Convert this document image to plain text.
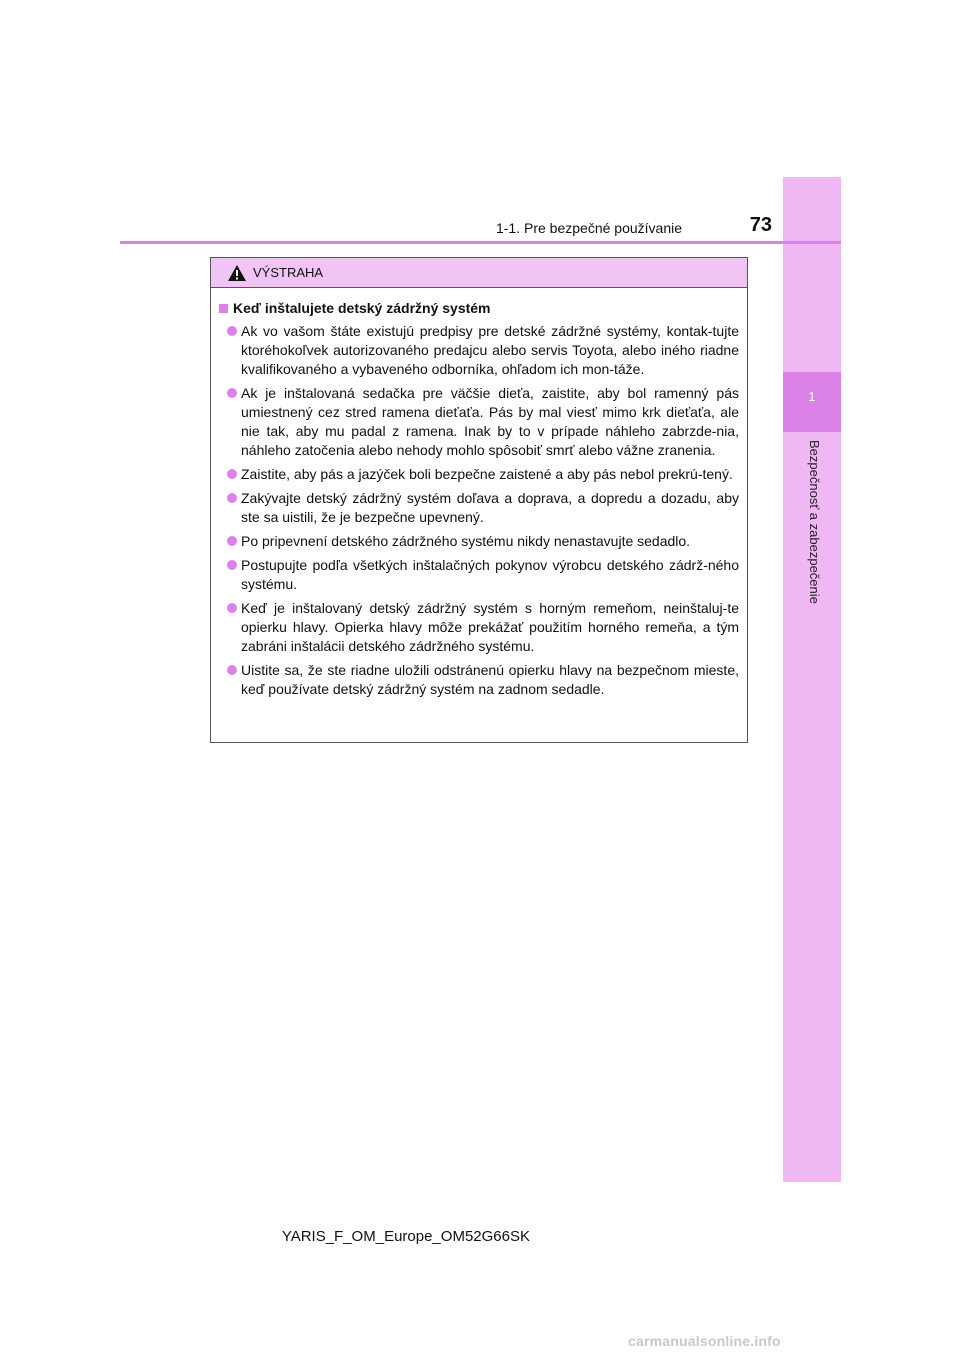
1
Bezpečnosť a zabezpečenie
1-1. Pre bezpečné používanie	73
VÝSTRAHA
Keď inštalujete detský zádržný systém
Ak vo vašom štáte existujú predpisy pre detské zádržné systémy, kontak-tujte ktoréhokoľvek autorizovaného predajcu alebo servis Toyota, alebo iného riadne kvalifikovaného a vybaveného odborníka, ohľadom ich mon-táže.
Ak je inštalovaná sedačka pre väčšie dieťa, zaistite, aby bol ramenný pás umiestnený cez stred ramena dieťaťa. Pás by mal viesť mimo krk dieťaťa, ale nie tak, aby mu padal z ramena. Inak by to v prípade náhleho zabrzde-nia, náhleho zatočenia alebo nehody mohlo spôsobiť smrť alebo vážne zranenia.
Zaistite, aby pás a jazýček boli bezpečne zaistené a aby pás nebol prekrú-tený.
Zakývajte detský zádržný systém doľava a doprava, a dopredu a dozadu, aby ste sa uistili, že je bezpečne upevnený.
Po pripevnení detského zádržného systému nikdy nenastavujte sedadlo.
Postupujte podľa všetkých inštalačných pokynov výrobcu detského zádrž-ného systému.
Keď je inštalovaný detský zádržný systém s horným remeňom, neinštaluj-te opierku hlavy. Opierka hlavy môže prekážať použitím horného remeňa, a tým zabráni inštalácii detského zádržného systému.
Uistite sa, že ste riadne uložili odstránenú opierku hlavy na bezpečnom mieste, keď používate detský zádržný systém na zadnom sedadle.
YARIS_F_OM_Europe_OM52G66SK
carmanualsonline.info
